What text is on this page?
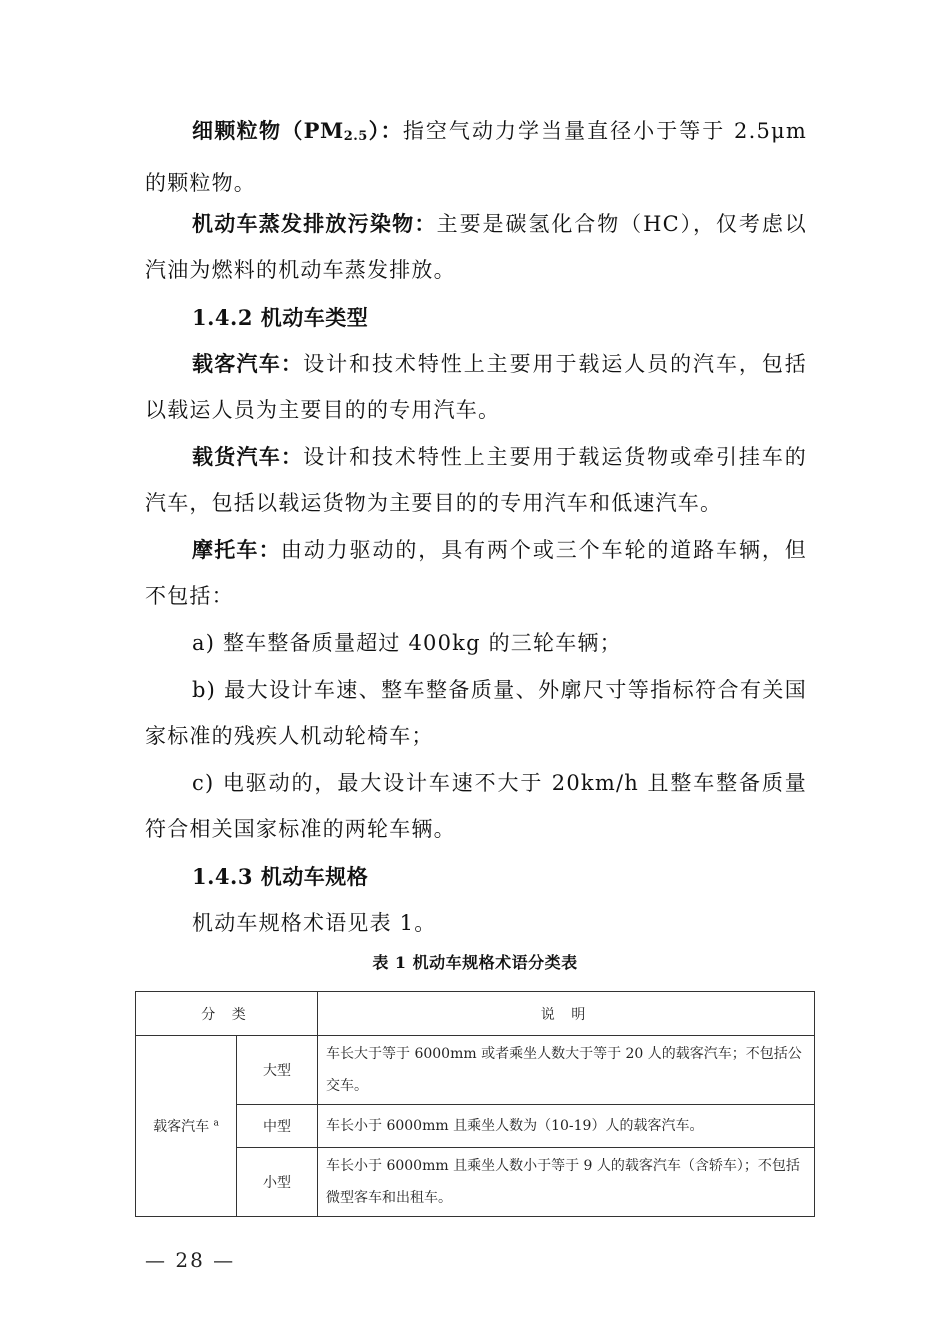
细颗粒物（PM2.5）：指空气动力学当量直径小于等于 2.5μm 的颗粒物。

机动车蒸发排放污染物：主要是碳氢化合物（HC），仅考虑以汽油为燃料的机动车蒸发排放。

1.4.2 机动车类型

载客汽车：设计和技术特性上主要用于载运人员的汽车，包括以载运人员为主要目的的专用汽车。

载货汽车：设计和技术特性上主要用于载运货物或牵引挂车的汽车，包括以载运货物为主要目的的专用汽车和低速汽车。

摩托车：由动力驱动的，具有两个或三个车轮的道路车辆，但不包括：

a) 整车整备质量超过 400kg 的三轮车辆；

b) 最大设计车速、整车整备质量、外廓尺寸等指标符合有关国家标准的残疾人机动轮椅车；

c) 电驱动的，最大设计车速不大于 20km/h 且整车整备质量符合相关国家标准的两轮车辆。

1.4.3 机动车规格

机动车规格术语见表 1。

表 1 机动车规格术语分类表
分 类		说 明
载客汽车 $^a$	大型	车长大于等于 6000mm 或者乘坐人数大于等于 20 人的载客汽车；不包括公交车。
	中型	车长小于 6000mm 且乘坐人数为（10-19）人的载客汽车。
	小型	车长小于 6000mm 且乘坐人数小于等于 9 人的载客汽车（含轿车）；不包括微型客车和出租车。
— 28 —
